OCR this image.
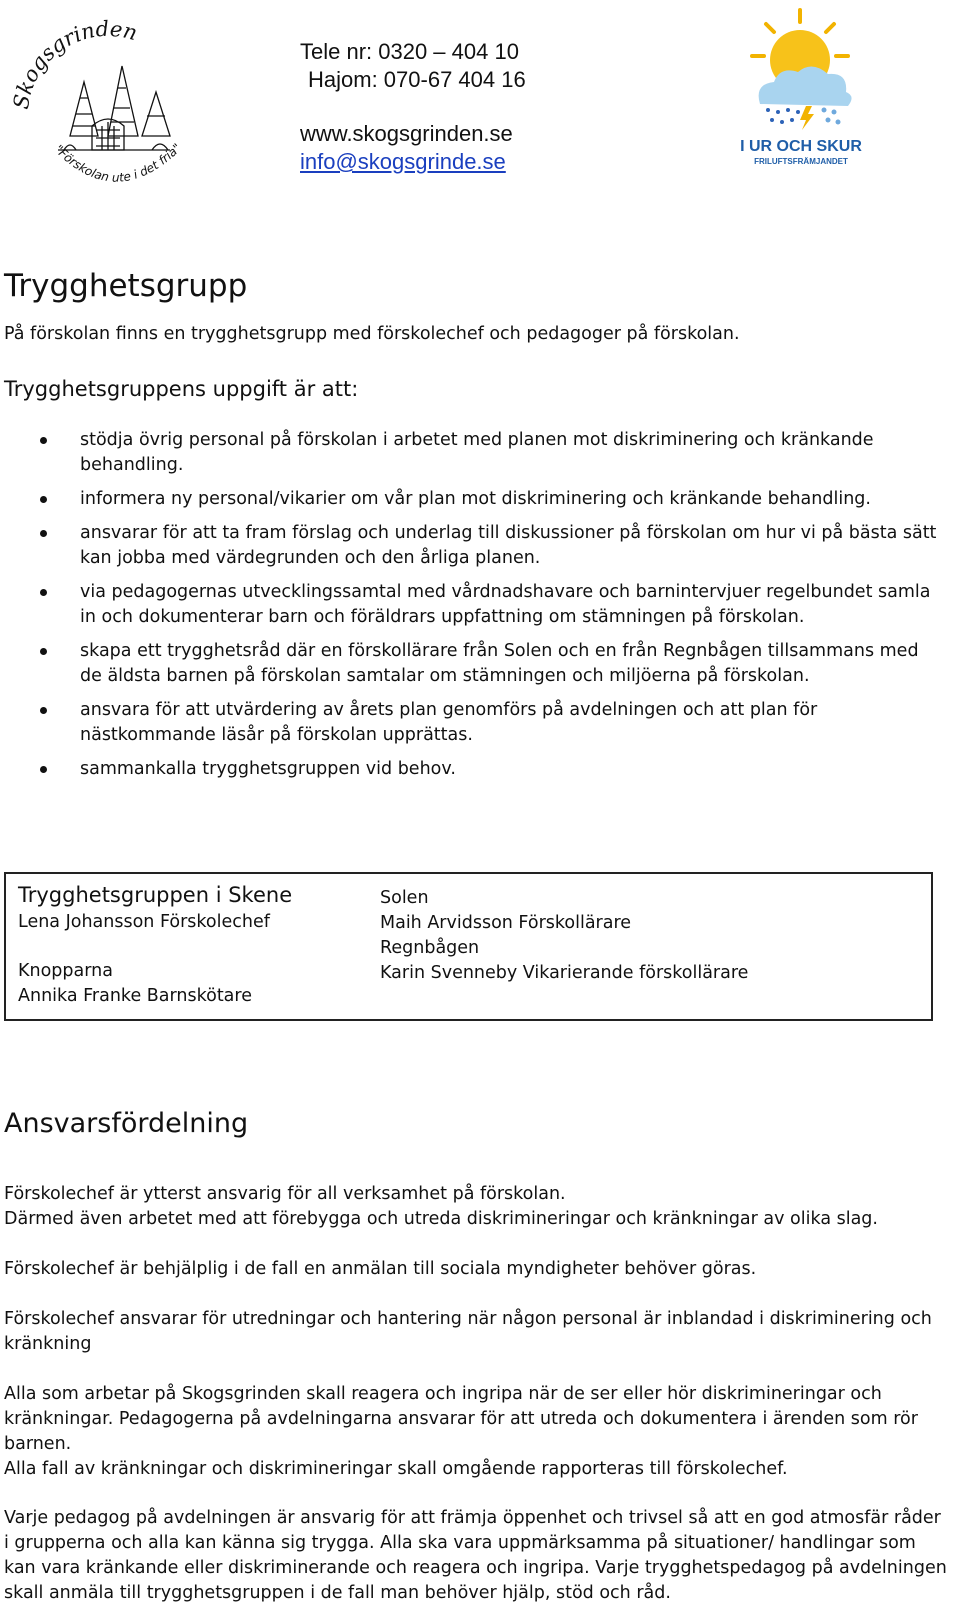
Skogsgrinden
"Förskolan ute i det fria"
Tele nr: 0320 – 404 10
Hajom: 070-67 404 16
www.skogsgrinden.se
info@skogsgrinde.se
I UR OCH SKUR
FRILUFTSFRÄMJANDET
Trygghetsgrupp
På förskolan finns en trygghetsgrupp med förskolechef och pedagoger på förskolan.
Trygghetsgruppens uppgift är att:
stödja övrig personal på förskolan i arbetet med planen mot diskriminering och kränkande behandling.
informera ny personal/vikarier om vår plan mot diskriminering och kränkande behandling.
ansvarar för att ta fram förslag och underlag till diskussioner på förskolan om hur vi på bästa sätt kan jobba med värdegrunden och den årliga planen.
via pedagogernas utvecklingssamtal med vårdnadshavare och barnintervjuer regelbundet samla in och dokumenterar barn och föräldrars uppfattning om stämningen på förskolan.
skapa ett trygghetsråd där en förskollärare från Solen och en från Regnbågen tillsammans med de äldsta barnen på förskolan samtalar om stämningen och miljöerna på förskolan.
ansvara för att utvärdering av årets plan genomförs på avdelningen och att plan för nästkommande läsår på förskolan upprättas.
sammankalla trygghetsgruppen vid behov.
Trygghetsgruppen i Skene
Lena Johansson Förskolechef
Knopparna
Annika Franke Barnskötare
Solen
Maih Arvidsson Förskollärare
Regnbågen
Karin Svenneby Vikarierande förskollärare
Ansvarsfördelning
Förskolechef är ytterst ansvarig för all verksamhet på förskolan.
Därmed även arbetet med att förebygga och utreda diskrimineringar och kränkningar av olika slag.
Förskolechef är behjälplig i de fall en anmälan till sociala myndigheter behöver göras.
Förskolechef ansvarar för utredningar och hantering när någon personal är inblandad i diskriminering och kränkning
Alla som arbetar på Skogsgrinden skall reagera och ingripa när de ser eller hör diskrimineringar och kränkningar. Pedagogerna på avdelningarna ansvarar för att utreda och dokumentera i ärenden som rör barnen.
Alla fall av kränkningar och diskrimineringar skall omgående rapporteras till förskolechef.
Varje pedagog på avdelningen är ansvarig för att främja öppenhet och trivsel så att en god atmosfär råder i grupperna och alla kan känna sig trygga. Alla ska vara uppmärksamma på situationer/ handlingar som kan vara kränkande eller diskriminerande och reagera och ingripa. Varje trygghetspedagog på avdelningen skall anmäla till trygghetsgruppen i de fall man behöver hjälp, stöd och råd.
